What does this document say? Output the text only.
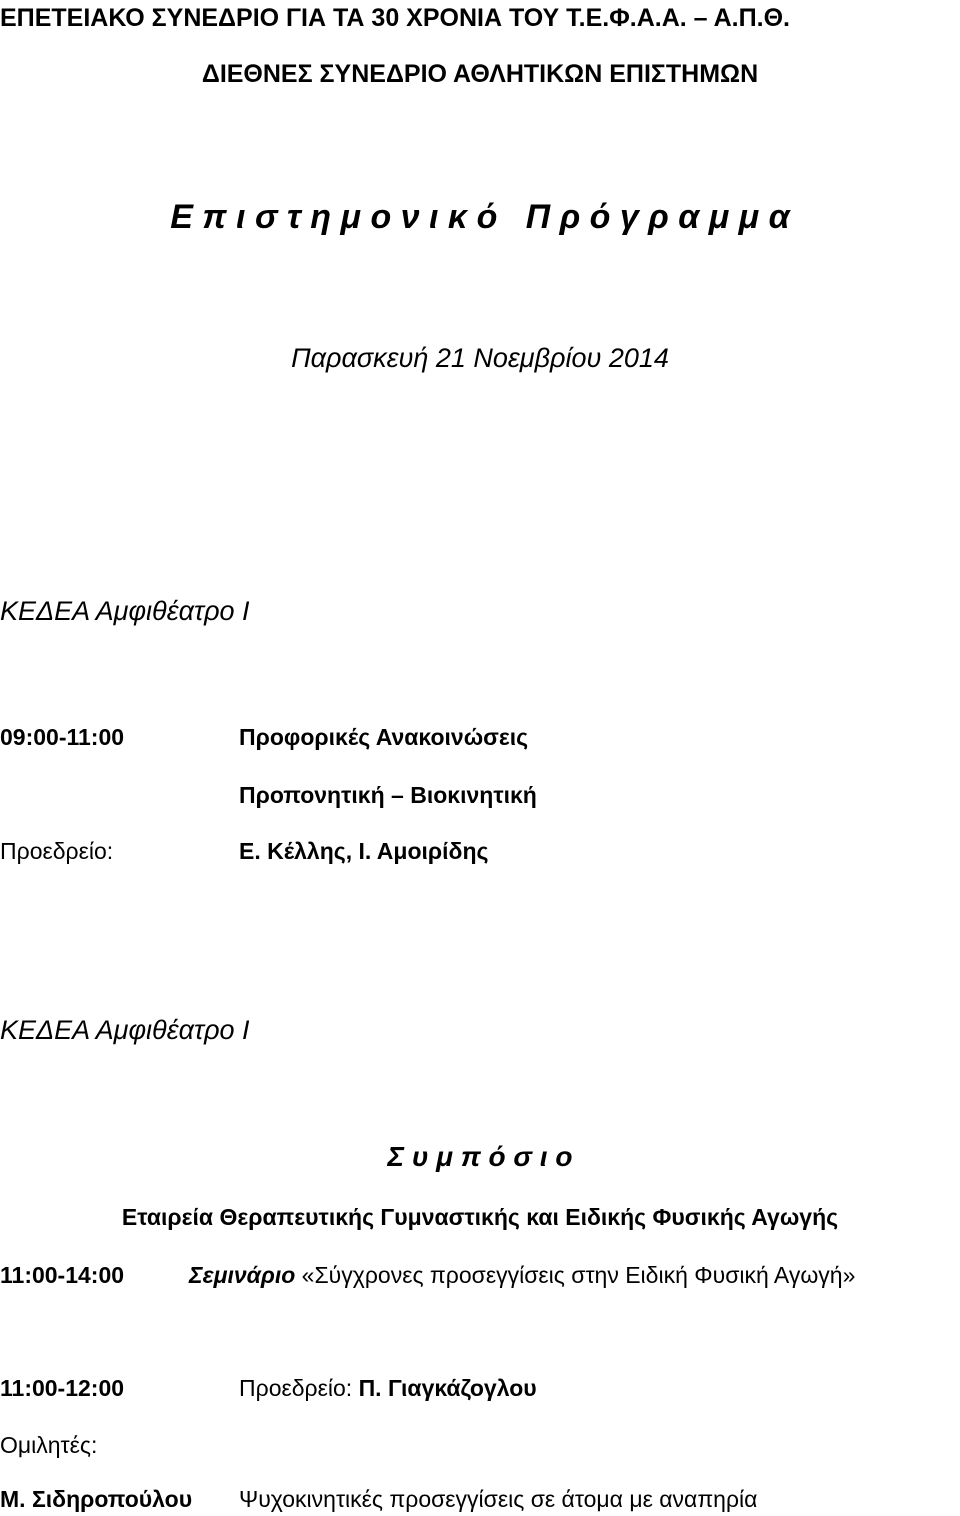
ΕΠΕΤΕΙΑΚΟ ΣΥΝΕΔΡΙΟ ΓΙΑ ΤΑ 30 ΧΡΟΝΙΑ ΤΟΥ Τ.Ε.Φ.Α.Α. – Α.Π.Θ.
ΔΙΕΘΝΕΣ ΣΥΝΕΔΡΙΟ ΑΘΛΗΤΙΚΩΝ ΕΠΙΣΤΗΜΩΝ
Ε π ι σ τ η μ ο ν ι κ ό   Π ρ ό γ ρ α μ μ α
Παρασκευή 21 Νοεμβρίου 2014
ΚΕΔΕΑ Αμφιθέατρο Ι
09:00-11:00	Προφορικές Ανακοινώσεις
Προπονητική – Βιοκινητική
Προεδρείο:	Ε. Κέλλης, Ι. Αμοιρίδης
ΚΕΔΕΑ Αμφιθέατρο Ι
Σ υ μ π ό σ ι ο
Εταιρεία Θεραπευτικής Γυμναστικής και Ειδικής Φυσικής Αγωγής
11:00-14:00	Σεμινάριο «Σύγχρονες προσεγγίσεις στην Ειδική Φυσική Αγωγή»
11:00-12:00	Προεδρείο: Π. Γιαγκάζογλου
Ομιλητές:
Μ. Σιδηροπούλου Ψυχοκινητικές προσεγγίσεις σε άτομα με αναπηρία
